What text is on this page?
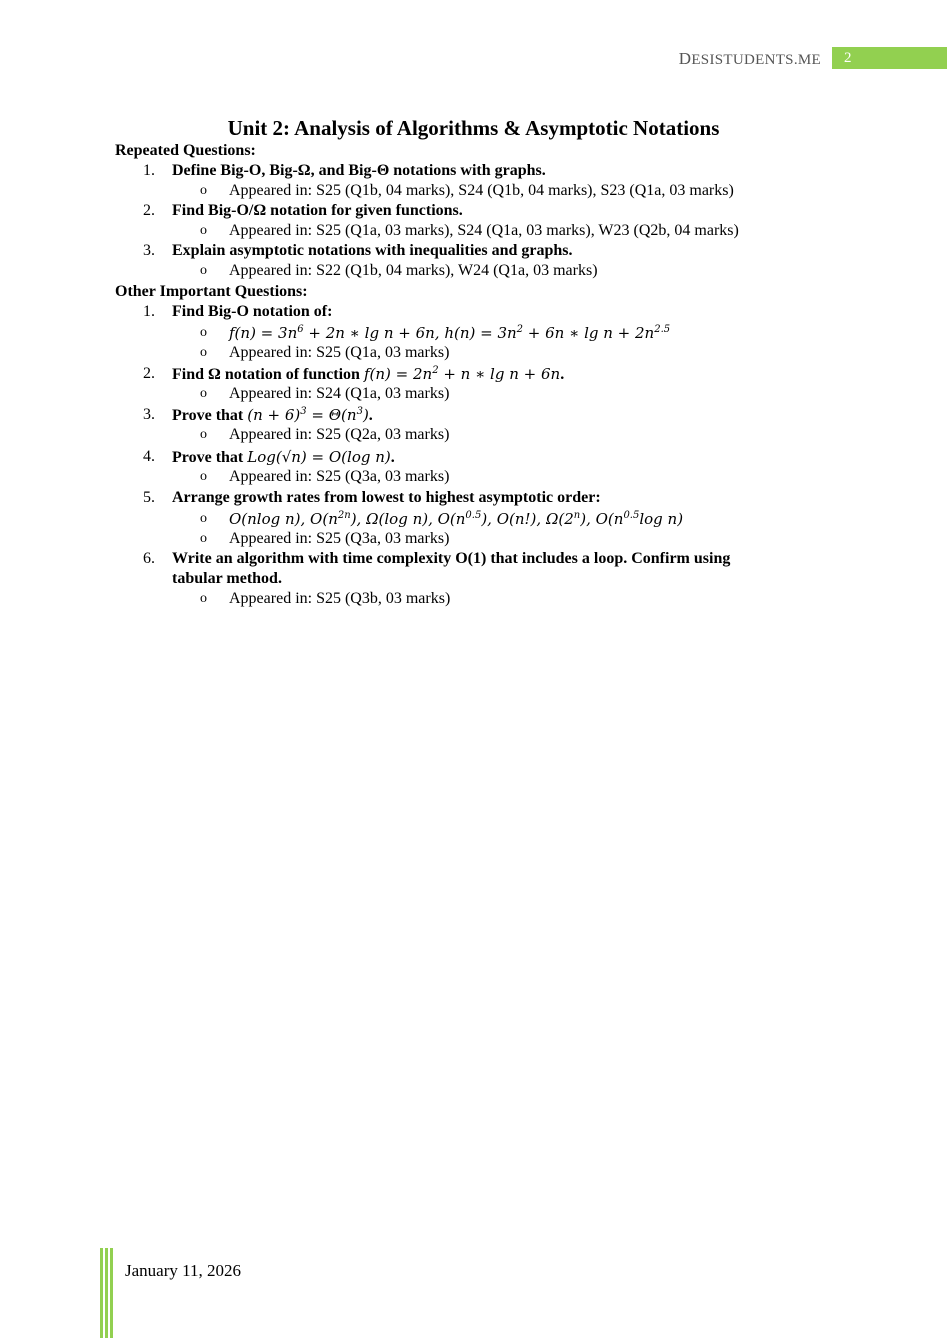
DESISTUDENTS.ME	2
Unit 2: Analysis of Algorithms & Asymptotic Notations
Repeated Questions:
1. Define Big-O, Big-Ω, and Big-Θ notations with graphs.
o Appeared in: S25 (Q1b, 04 marks), S24 (Q1b, 04 marks), S23 (Q1a, 03 marks)
2. Find Big-O/Ω notation for given functions.
o Appeared in: S25 (Q1a, 03 marks), S24 (Q1a, 03 marks), W23 (Q2b, 04 marks)
3. Explain asymptotic notations with inequalities and graphs.
o Appeared in: S22 (Q1b, 04 marks), W24 (Q1a, 03 marks)
Other Important Questions:
1. Find Big-O notation of:
o $f(n) = 3n^6 + 2n$ ∗ lg n + 6n, $h(n) = 3n^2 + 6n$ ∗ $\lg n + 2n^{2.5}$
o Appeared in: S25 (Q1a, 03 marks)
2. Find Ω notation of function $f(n) = 2n^2 + n$ ∗ lg n + 6n.
o Appeared in: S24 (Q1a, 03 marks)
3. Prove that $(n + 6)^3 = \Theta(n^3)$.
o Appeared in: S25 (Q2a, 03 marks)
4. Prove that Log(√n) = O(log n).
o Appeared in: S25 (Q3a, 03 marks)
5. Arrange growth rates from lowest to highest asymptotic order:
o O(nlog n), $O(n^{2n})$, Ω(log n), $O(n^{0.5})$, O(n!), Ω(2$^n$), $O(n^{0.5}\log$ n)
o Appeared in: S25 (Q3a, 03 marks)
6. Write an algorithm with time complexity O(1) that includes a loop. Confirm using
tabular method.
o Appeared in: S25 (Q3b, 03 marks)
January 11, 2026
